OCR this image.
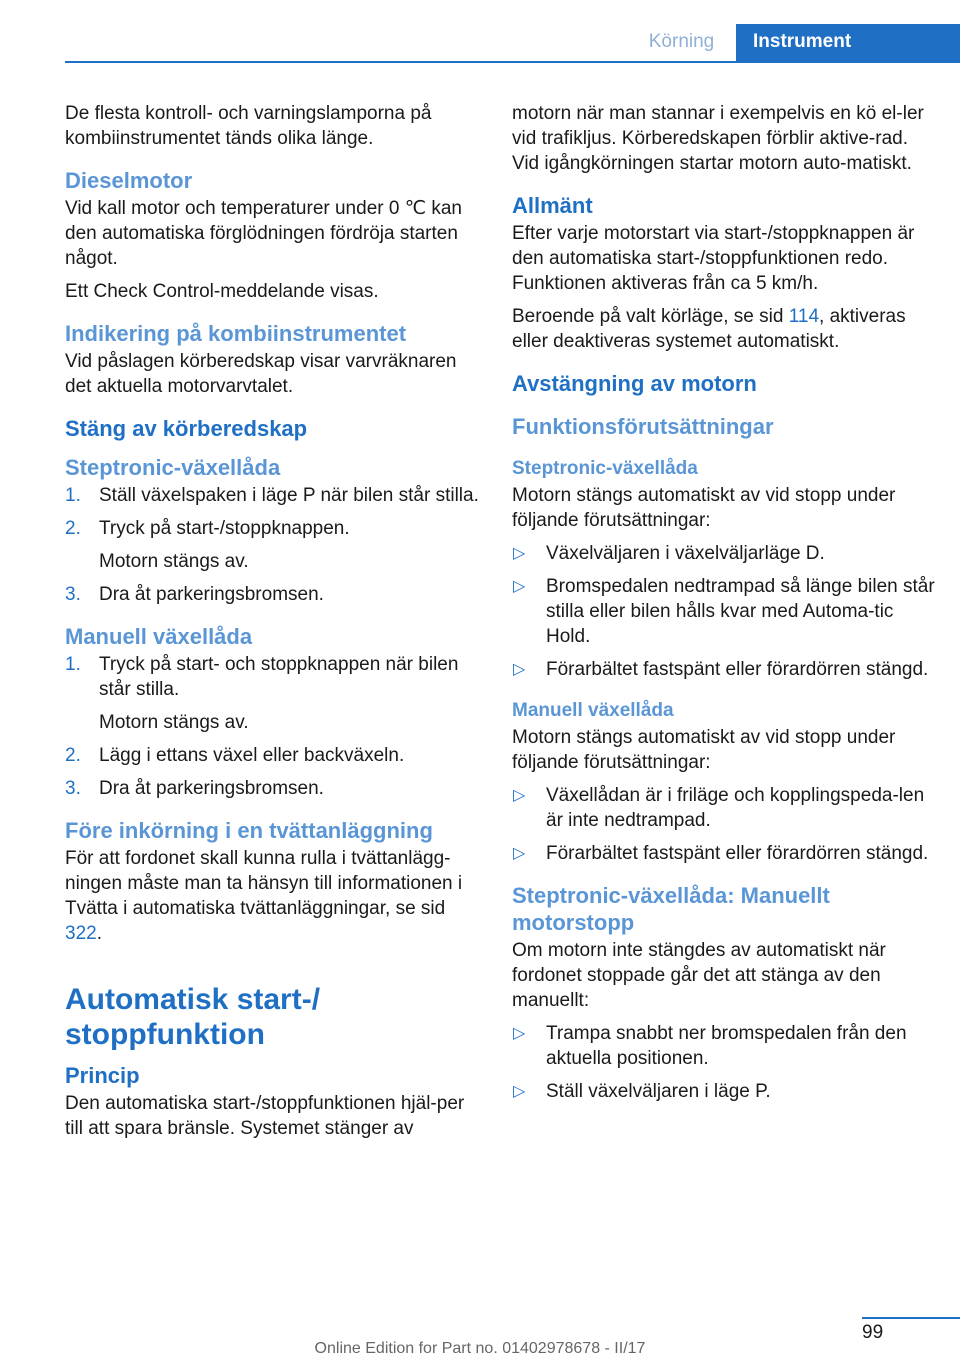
Körning	Instrument

De flesta kontroll- och varningslamporna på kombiinstrumentet tänds olika länge.

Dieselmotor

Vid kall motor och temperaturer under 0 ℃ kan den automatiska förglödningen fördröja starten något.

Ett Check Control-meddelande visas.

Indikering på kombiinstrumentet

Vid påslagen körberedskap visar varvräknaren det aktuella motorvarvtalet.

Stäng av körberedskap
Steptronic-växellåda
1. Ställ växelspaken i läge P när bilen står stilla.
2. Tryck på start-/stoppknappen.
Motorn stängs av.
3. Dra åt parkeringsbromsen.
Manuell växellåda
1. Tryck på start- och stoppknappen när bilen står stilla.
Motorn stängs av.
2. Lägg i ettans växel eller backväxeln.
3. Dra åt parkeringsbromsen.
Före inkörning i en tvättanläggning

För att fordonet skall kunna rulla i tvättanlägg-ningen måste man ta hänsyn till informationen i Tvätta i automatiska tvättanläggningar, se sid 322.

Automatisk start-/ stoppfunktion
Princip

Den automatiska start-/stoppfunktionen hjäl-per till att spara bränsle. Systemet stänger av

motorn när man stannar i exempelvis en kö el-ler vid trafikljus. Körberedskapen förblir aktive-rad. Vid igångkörningen startar motorn auto-matiskt.

Allmänt

Efter varje motorstart via start-/stoppknappen är den automatiska start-/stoppfunktionen redo. Funktionen aktiveras från ca 5 km/h.

Beroende på valt körläge, se sid 114, aktiveras eller deaktiveras systemet automatiskt.

Avstängning av motorn
Funktionsförutsättningar
Steptronic-växellåda

Motorn stängs automatiskt av vid stopp under följande förutsättningar:

▷ Växelväljaren i växelväljarläge D.
▷ Bromspedalen nedtrampad så länge bilen står stilla eller bilen hålls kvar med Automa-tic Hold.
▷ Förarbältet fastspänt eller förardörren stängd.
Manuell växellåda

Motorn stängs automatiskt av vid stopp under följande förutsättningar:

▷ Växellådan är i friläge och kopplingspeda-len är inte nedtrampad.
▷ Förarbältet fastspänt eller förardörren stängd.
Steptronic-växellåda: Manuellt motorstopp

Om motorn inte stängdes av automatiskt när fordonet stoppade går det att stänga av den manuellt:

▷ Trampa snabbt ner bromspedalen från den aktuella positionen.
▷ Ställ växelväljaren i läge P.
99
Online Edition for Part no. 01402978678 - II/17
